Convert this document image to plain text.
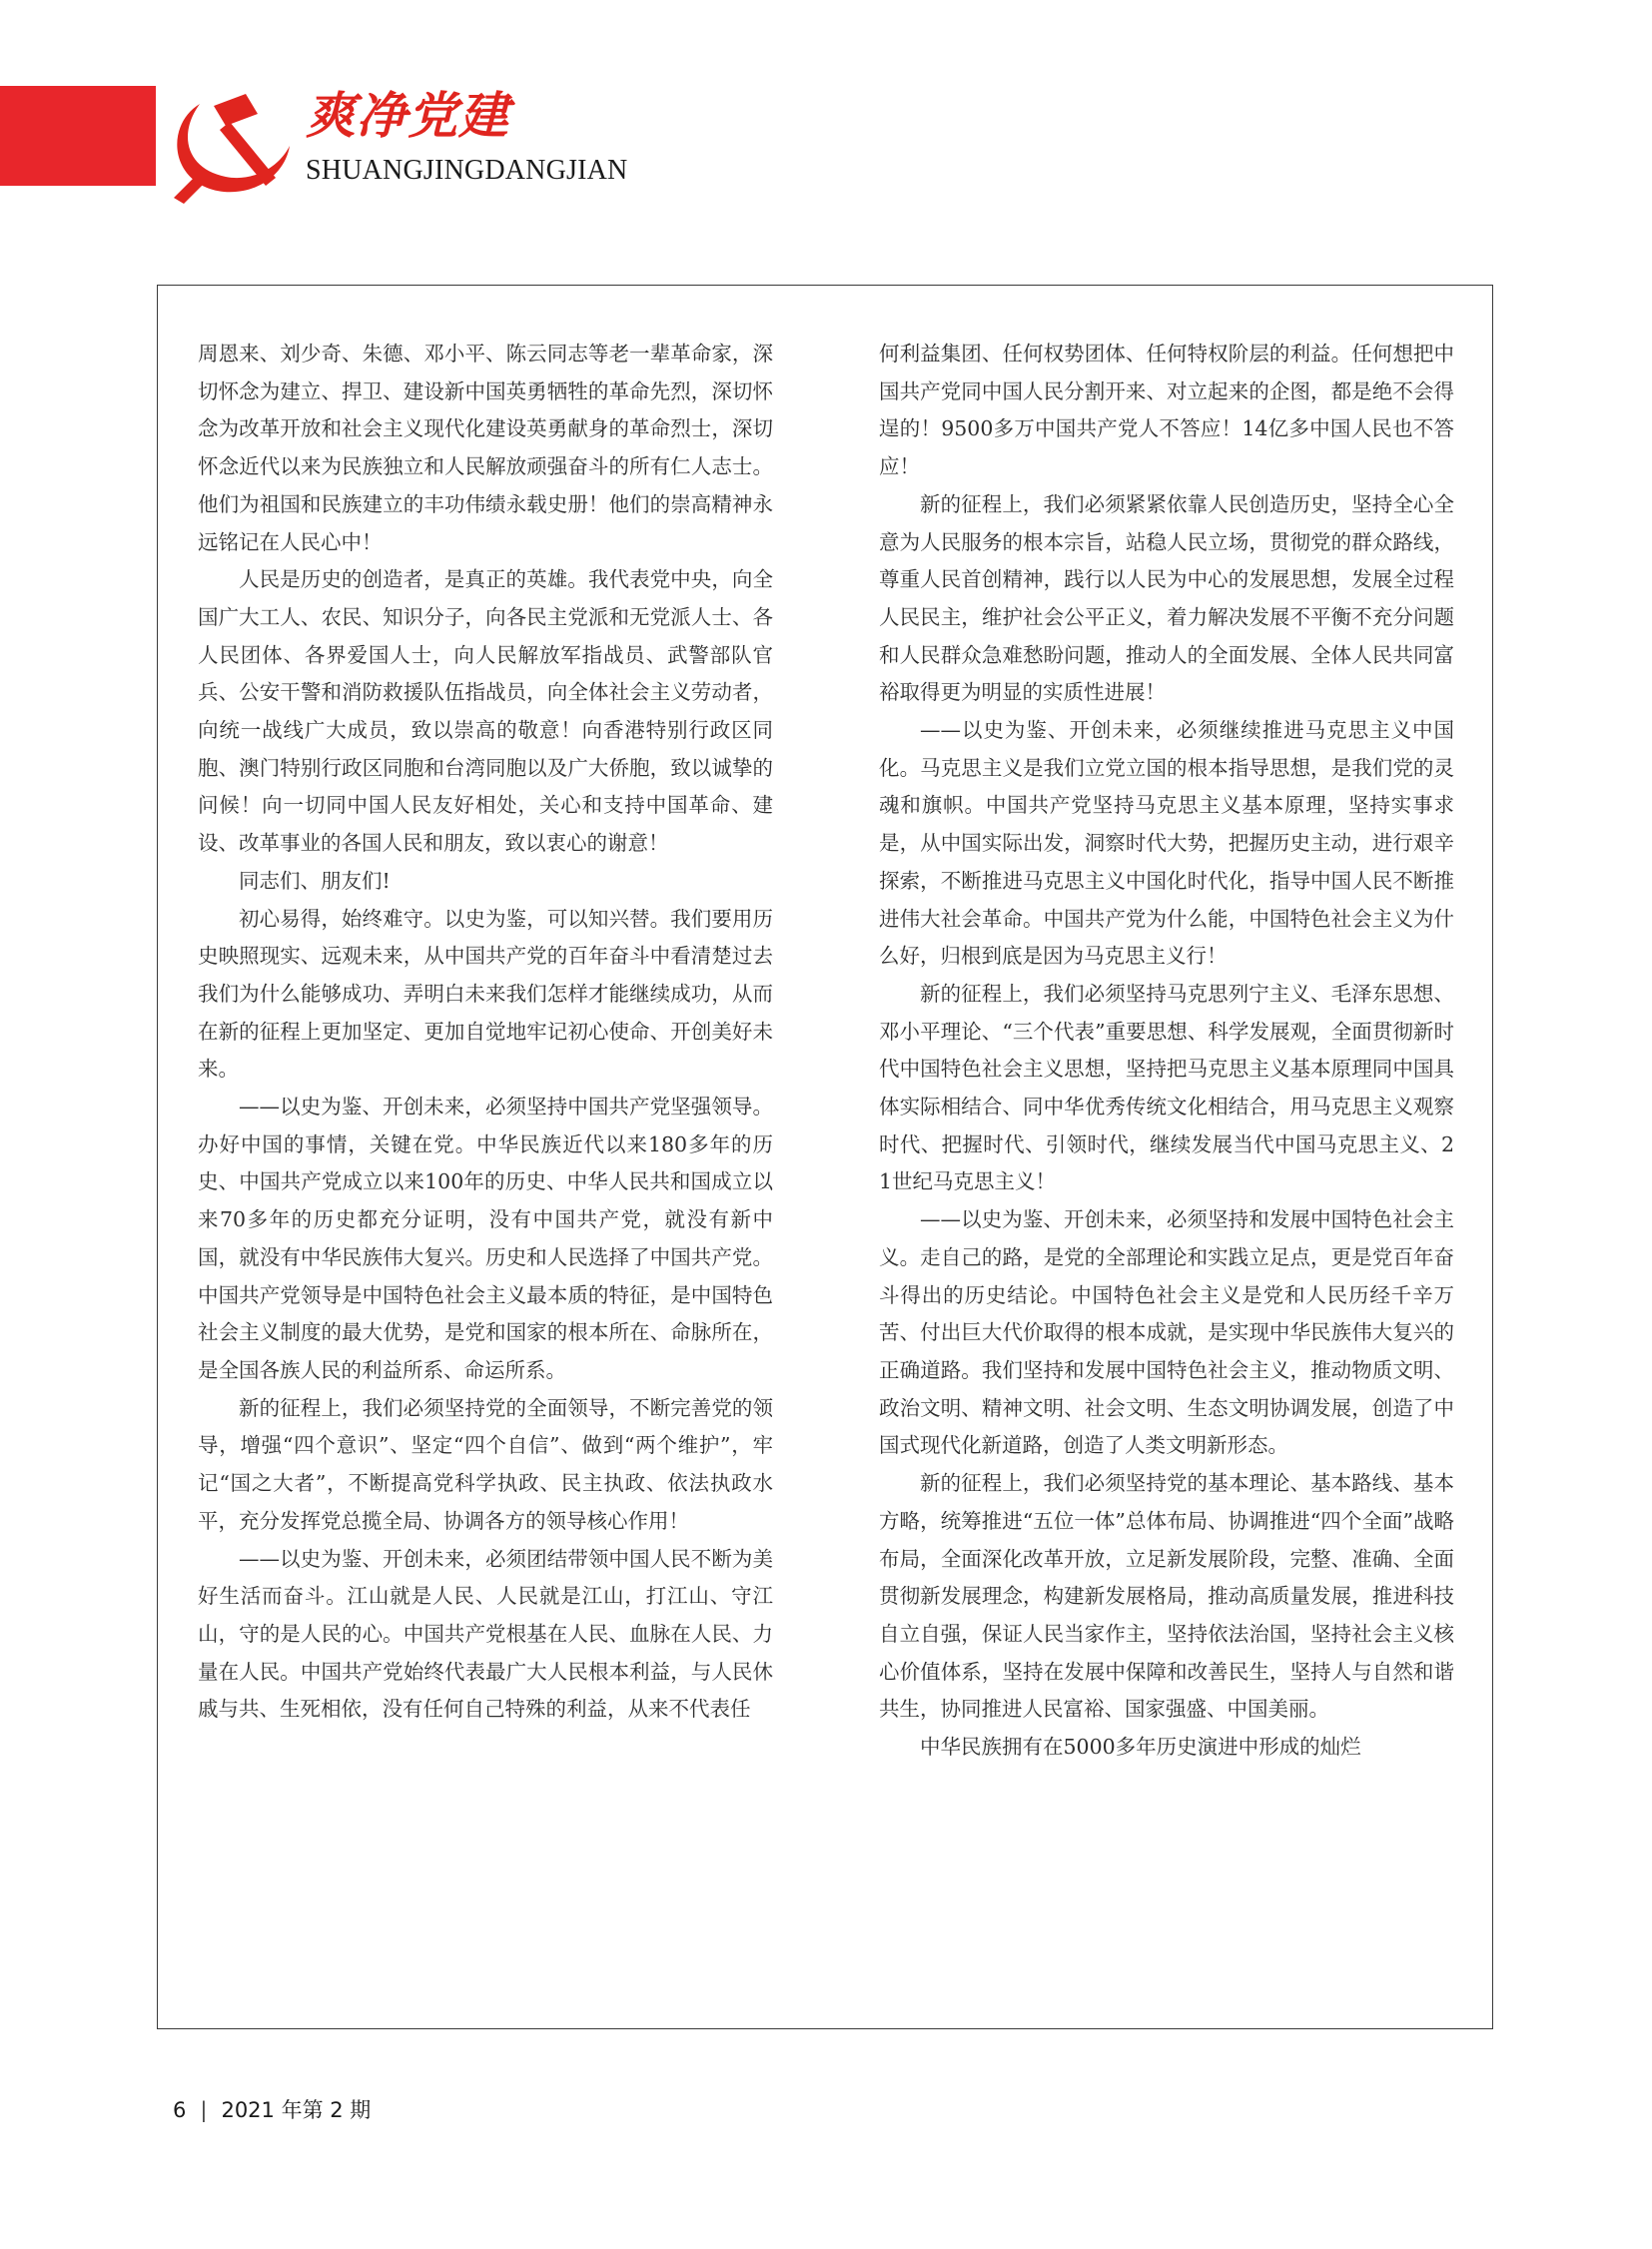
爽净党建
SHUANGJINGDANGJIAN

周恩来、刘少奇、朱德、邓小平、陈云同志等老一辈革命家，深切怀念为建立、捍卫、建设新中国英勇牺牲的革命先烈，深切怀念为改革开放和社会主义现代化建设英勇献身的革命烈士，深切怀念近代以来为民族独立和人民解放顽强奋斗的所有仁人志士。他们为祖国和民族建立的丰功伟绩永载史册！他们的崇高精神永远铭记在人民心中！

人民是历史的创造者，是真正的英雄。我代表党中央，向全国广大工人、农民、知识分子，向各民主党派和无党派人士、各人民团体、各界爱国人士，向人民解放军指战员、武警部队官兵、公安干警和消防救援队伍指战员，向全体社会主义劳动者，向统一战线广大成员，致以崇高的敬意！向香港特别行政区同胞、澳门特别行政区同胞和台湾同胞以及广大侨胞，致以诚挚的问候！向一切同中国人民友好相处，关心和支持中国革命、建设、改革事业的各国人民和朋友，致以衷心的谢意！

同志们、朋友们!

初心易得，始终难守。以史为鉴，可以知兴替。我们要用历史映照现实、远观未来，从中国共产党的百年奋斗中看清楚过去我们为什么能够成功、弄明白未来我们怎样才能继续成功，从而在新的征程上更加坚定、更加自觉地牢记初心使命、开创美好未来。

——以史为鉴、开创未来，必须坚持中国共产党坚强领导。办好中国的事情，关键在党。中华民族近代以来180多年的历史、中国共产党成立以来100年的历史、中华人民共和国成立以来70多年的历史都充分证明，没有中国共产党，就没有新中国，就没有中华民族伟大复兴。历史和人民选择了中国共产党。中国共产党领导是中国特色社会主义最本质的特征，是中国特色社会主义制度的最大优势，是党和国家的根本所在、命脉所在，是全国各族人民的利益所系、命运所系。

新的征程上，我们必须坚持党的全面领导，不断完善党的领导，增强“四个意识”、坚定“四个自信”、做到“两个维护”，牢记“国之大者”，不断提高党科学执政、民主执政、依法执政水平，充分发挥党总揽全局、协调各方的领导核心作用！

——以史为鉴、开创未来，必须团结带领中国人民不断为美好生活而奋斗。江山就是人民、人民就是江山，打江山、守江山，守的是人民的心。中国共产党根基在人民、血脉在人民、力量在人民。中国共产党始终代表最广大人民根本利益，与人民休戚与共、生死相依，没有任何自己特殊的利益，从来不代表任

何利益集团、任何权势团体、任何特权阶层的利益。任何想把中国共产党同中国人民分割开来、对立起来的企图，都是绝不会得逞的！9500多万中国共产党人不答应！14亿多中国人民也不答应！

新的征程上，我们必须紧紧依靠人民创造历史，坚持全心全意为人民服务的根本宗旨，站稳人民立场，贯彻党的群众路线，尊重人民首创精神，践行以人民为中心的发展思想，发展全过程人民民主，维护社会公平正义，着力解决发展不平衡不充分问题和人民群众急难愁盼问题，推动人的全面发展、全体人民共同富裕取得更为明显的实质性进展！

——以史为鉴、开创未来，必须继续推进马克思主义中国化。马克思主义是我们立党立国的根本指导思想，是我们党的灵魂和旗帜。中国共产党坚持马克思主义基本原理，坚持实事求是，从中国实际出发，洞察时代大势，把握历史主动，进行艰辛探索，不断推进马克思主义中国化时代化，指导中国人民不断推进伟大社会革命。中国共产党为什么能，中国特色社会主义为什么好，归根到底是因为马克思主义行！

新的征程上，我们必须坚持马克思列宁主义、毛泽东思想、邓小平理论、“三个代表”重要思想、科学发展观，全面贯彻新时代中国特色社会主义思想，坚持把马克思主义基本原理同中国具体实际相结合、同中华优秀传统文化相结合，用马克思主义观察时代、把握时代、引领时代，继续发展当代中国马克思主义、21世纪马克思主义！

——以史为鉴、开创未来，必须坚持和发展中国特色社会主义。走自己的路，是党的全部理论和实践立足点，更是党百年奋斗得出的历史结论。中国特色社会主义是党和人民历经千辛万苦、付出巨大代价取得的根本成就，是实现中华民族伟大复兴的正确道路。我们坚持和发展中国特色社会主义，推动物质文明、政治文明、精神文明、社会文明、生态文明协调发展，创造了中国式现代化新道路，创造了人类文明新形态。

新的征程上，我们必须坚持党的基本理论、基本路线、基本方略，统筹推进“五位一体”总体布局、协调推进“四个全面”战略布局，全面深化改革开放，立足新发展阶段，完整、准确、全面贯彻新发展理念，构建新发展格局，推动高质量发展，推进科技自立自强，保证人民当家作主，坚持依法治国，坚持社会主义核心价值体系，坚持在发展中保障和改善民生，坚持人与自然和谐共生，协同推进人民富裕、国家强盛、中国美丽。

中华民族拥有在5000多年历史演进中形成的灿烂

6 | 2021 年第 2 期
